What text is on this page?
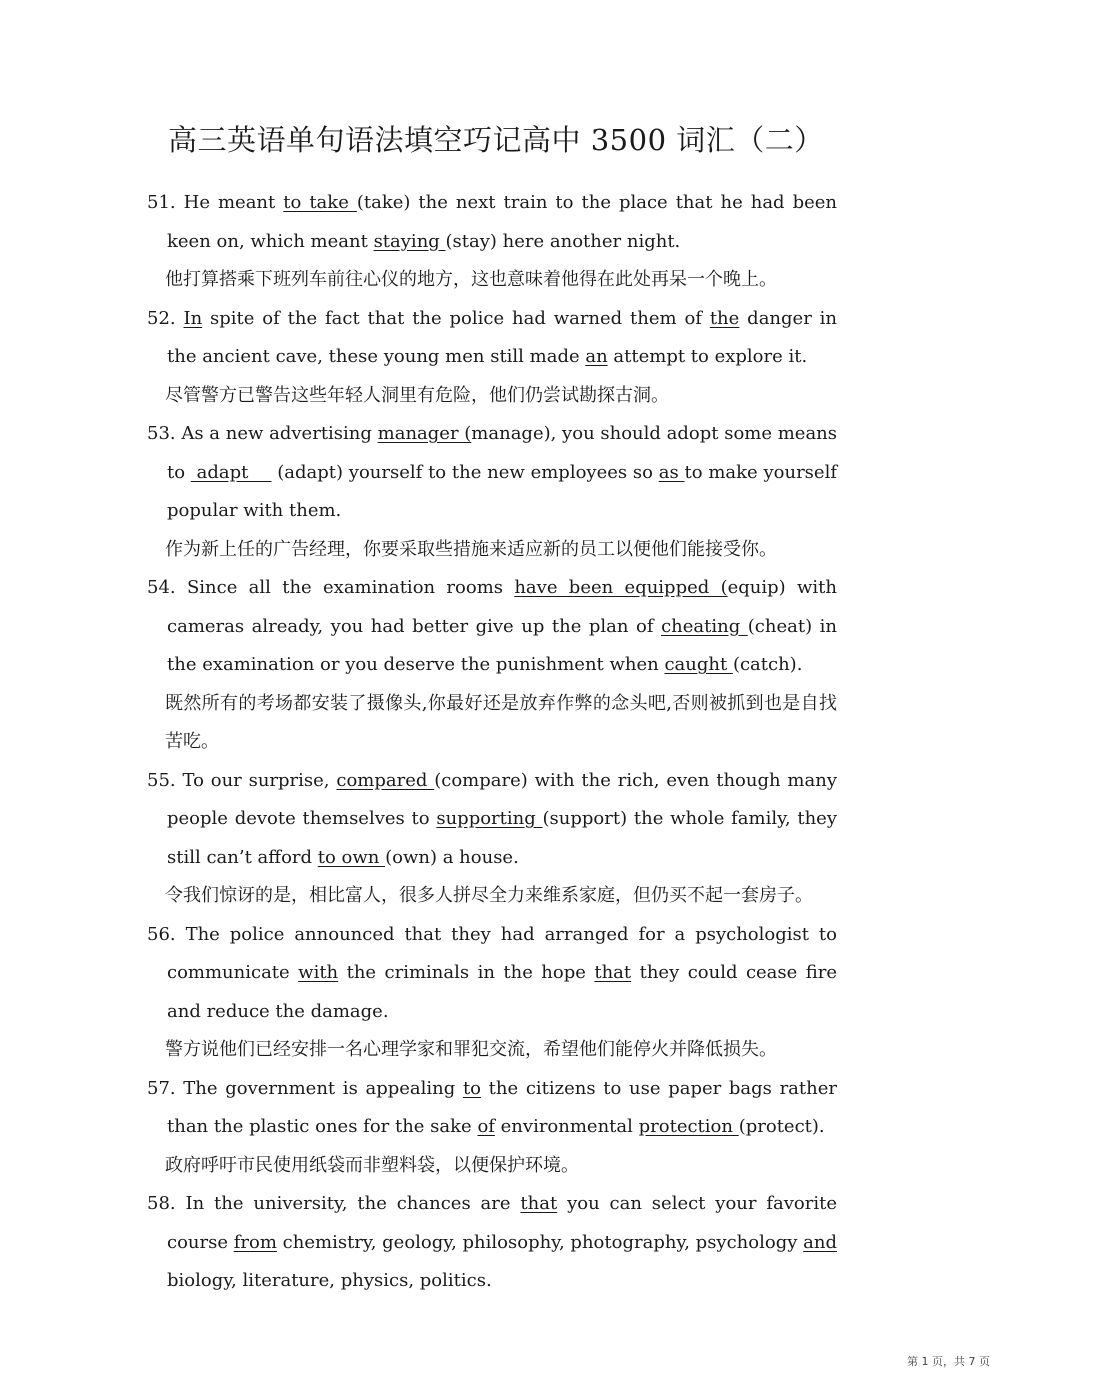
高三英语单句语法填空巧记高中 3500 词汇（二）

51. He meant to take (take) the next train to the place that he had been keen on, which meant staying (stay) here another night.

他打算搭乘下班列车前往心仪的地方，这也意味着他得在此处再呆一个晚上。

52. In spite of the fact that the police had warned them of the danger in the ancient cave, these young men still made an attempt to explore it.

尽管警方已警告这些年轻人洞里有危险，他们仍尝试勘探古洞。

53. As a new advertising manager (manage), you should adopt some means to  adapt     (adapt) yourself to the new employees so as to make yourself popular with them.

作为新上任的广告经理，你要采取些措施来适应新的员工以便他们能接受你。

54. Since all the examination rooms have been equipped (equip) with cameras already, you had better give up the plan of cheating (cheat) in the examination or you deserve the punishment when caught (catch).

既然所有的考场都安装了摄像头,你最好还是放弃作弊的念头吧,否则被抓到也是自找苦吃。

55. To our surprise, compared (compare) with the rich, even though many people devote themselves to supporting (support) the whole family, they still can’t afford to own (own) a house.

令我们惊讶的是，相比富人，很多人拼尽全力来维系家庭，但仍买不起一套房子。

56. The police announced that they had arranged for a psychologist to communicate with the criminals in the hope that they could cease fire and reduce the damage.

警方说他们已经安排一名心理学家和罪犯交流，希望他们能停火并降低损失。

57. The government is appealing to the citizens to use paper bags rather than the plastic ones for the sake of environmental protection (protect).

政府呼吁市民使用纸袋而非塑料袋，以便保护环境。

58. In the university, the chances are that you can select your favorite course from chemistry, geology, philosophy, photography, psychology and biology, literature, physics, politics.

第 1 页，共 7 页
